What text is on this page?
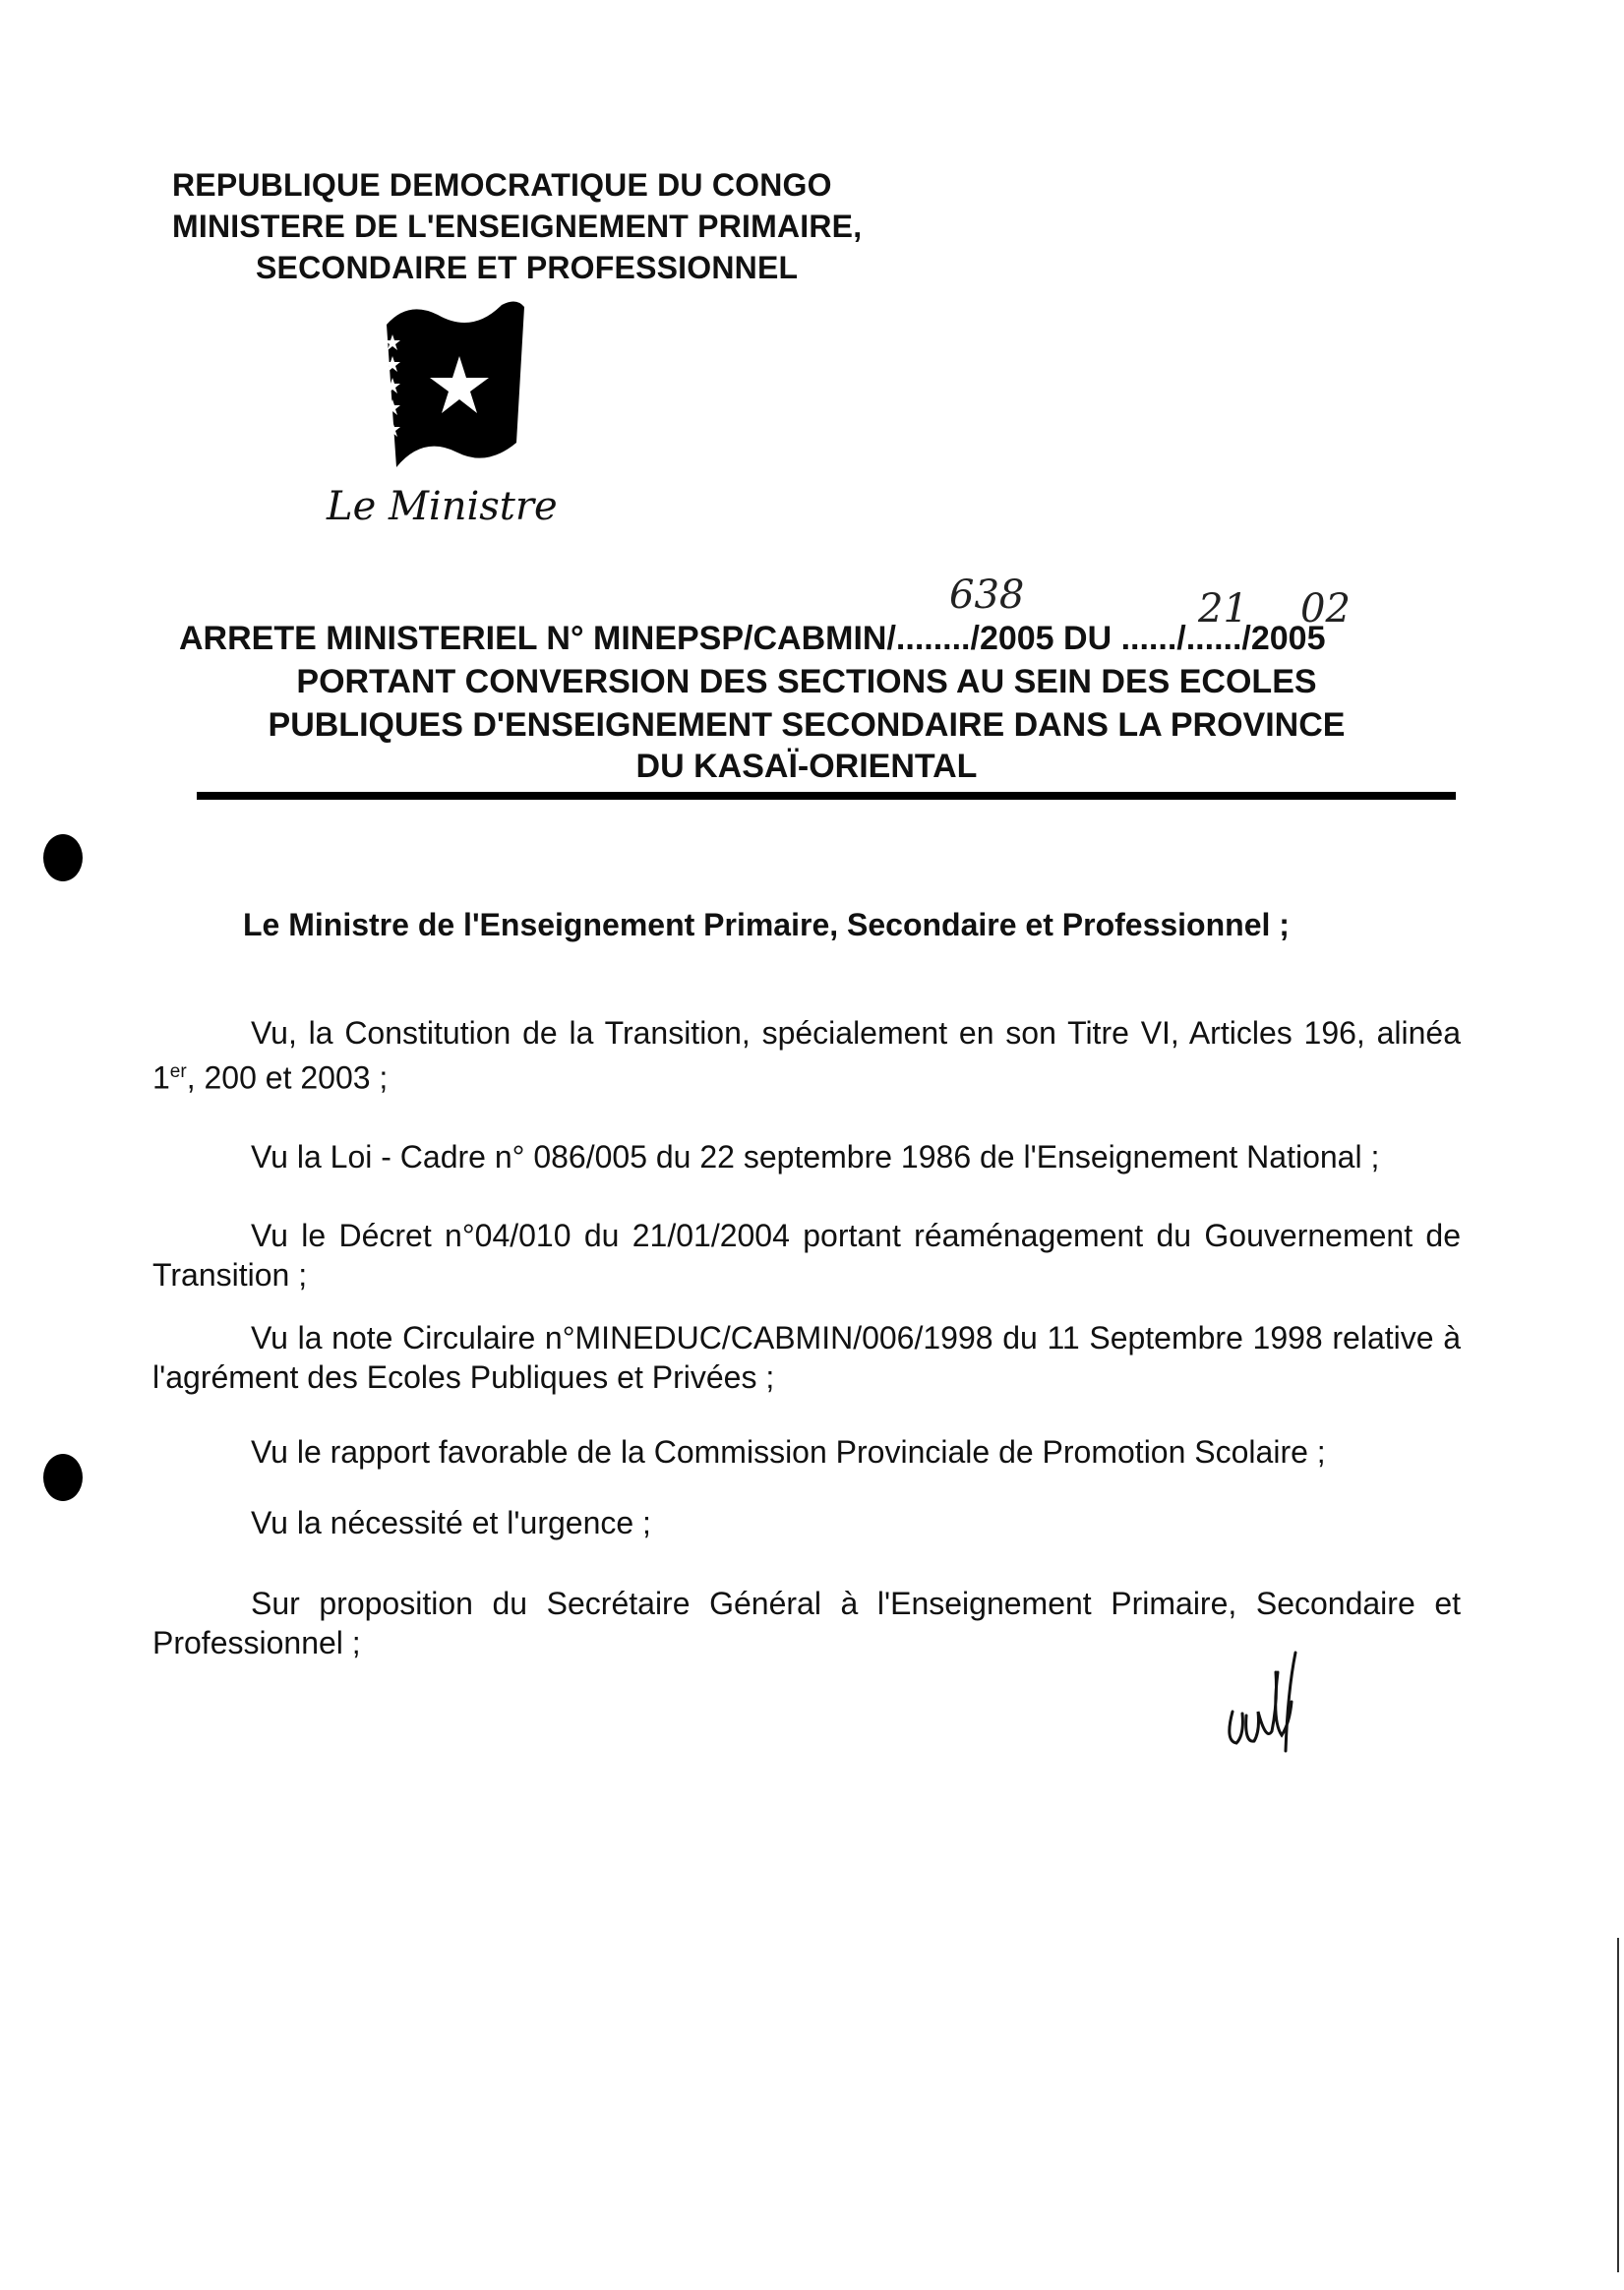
REPUBLIQUE DEMOCRATIQUE DU CONGO
MINISTERE DE L'ENSEIGNEMENT PRIMAIRE,
SECONDAIRE ET PROFESSIONNEL
Le Ministre
638	21 02
ARRETE MINISTERIEL N° MINEPSP/CABMIN/......../2005 DU ....../....../2005
PORTANT CONVERSION DES SECTIONS AU SEIN DES ECOLES
PUBLIQUES D'ENSEIGNEMENT SECONDAIRE DANS LA PROVINCE
DU KASAÏ-ORIENTAL
Le Ministre de l'Enseignement Primaire, Secondaire et Professionnel ;
Vu, la Constitution de la Transition, spécialement en son Titre VI, Articles 196, alinéa 1er, 200 et 2003 ;
Vu la Loi - Cadre n° 086/005 du 22 septembre 1986 de l'Enseignement National ;
Vu le Décret n°04/010 du 21/01/2004 portant réaménagement du Gouvernement de Transition ;
Vu la note Circulaire n°MINEDUC/CABMIN/006/1998 du 11 Septembre 1998 relative à l'agrément des Ecoles Publiques et Privées ;
Vu le rapport favorable de la Commission Provinciale de Promotion Scolaire ;
Vu la nécessité et l'urgence ;
Sur proposition du Secrétaire Général à l'Enseignement Primaire, Secondaire et Professionnel ;
